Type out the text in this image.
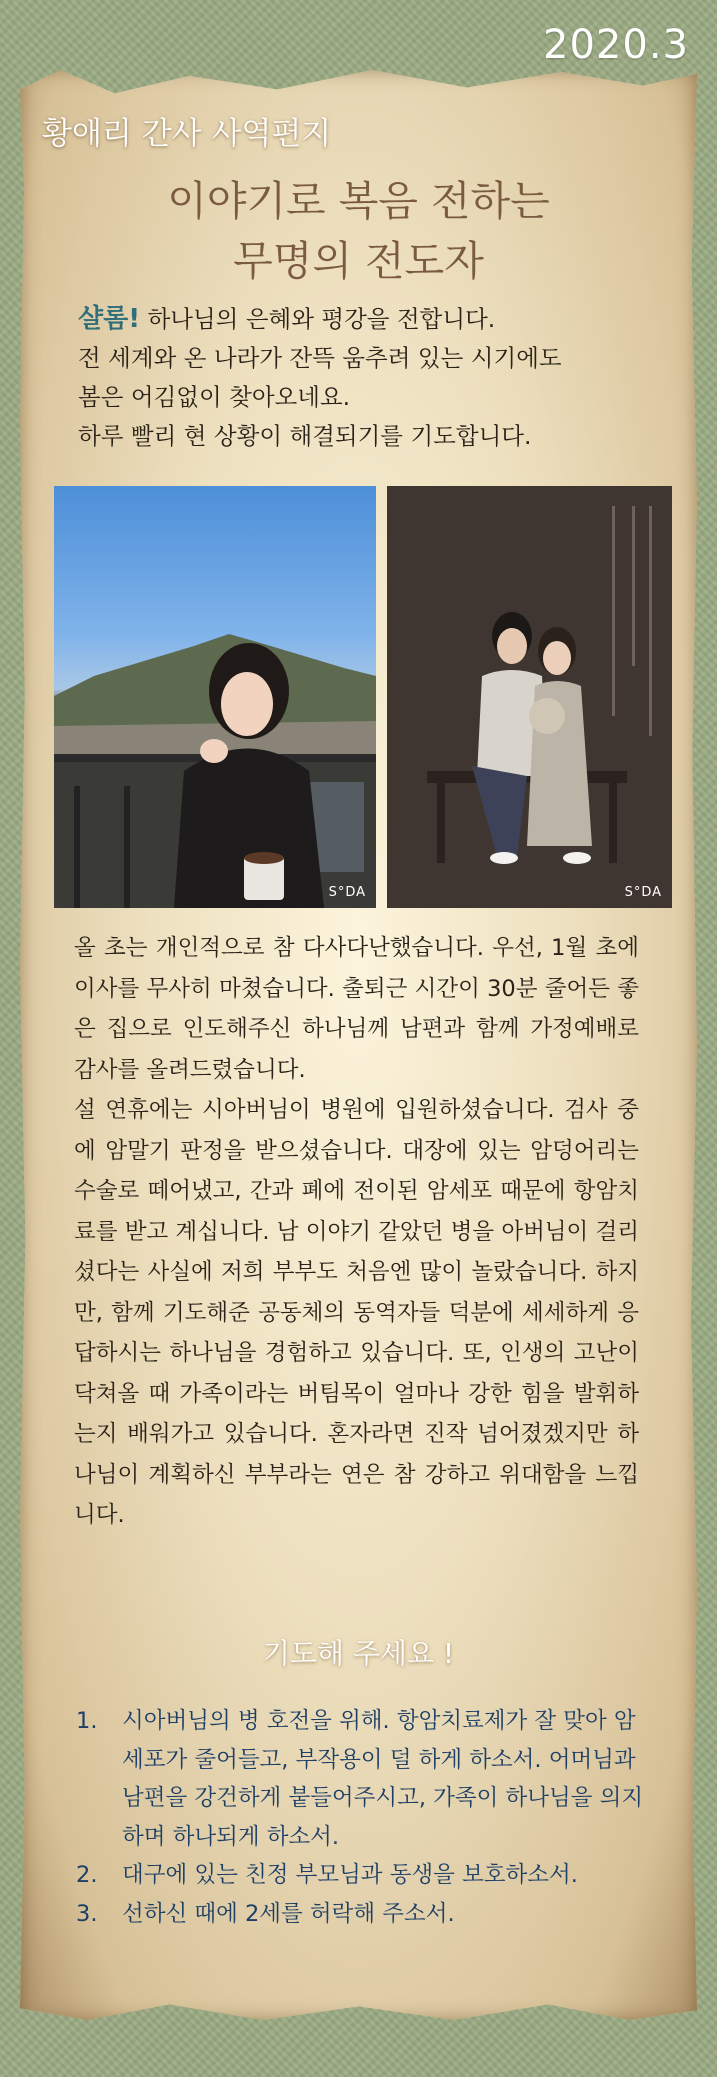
2020.3
황애리 간사 사역편지
이야기로 복음 전하는
무명의 전도자

샬롬! 하나님의 은혜와 평강을 전합니다.

전 세계와 온 나라가 잔뜩 움추려 있는 시기에도

봄은 어김없이 찾아오네요.

하루 빨리 현 상황이 해결되기를 기도합니다.

S°DA	S°DA

올 초는 개인적으로 참 다사다난했습니다. 우선, 1월 초에 이사를 무사히 마쳤습니다. 출퇴근 시간이 30분 줄어든 좋은 집으로 인도해주신 하나님께 남편과 함께 가정예배로 감사를 올려드렸습니다.

설 연휴에는 시아버님이 병원에 입원하셨습니다. 검사 중에 암말기 판정을 받으셨습니다. 대장에 있는 암덩어리는 수술로 떼어냈고, 간과 폐에 전이된 암세포 때문에 항암치료를 받고 계십니다. 남 이야기 같았던 병을 아버님이 걸리셨다는 사실에 저희 부부도 처음엔 많이 놀랐습니다. 하지만, 함께 기도해준 공동체의 동역자들 덕분에 세세하게 응답하시는 하나님을 경험하고 있습니다. 또, 인생의 고난이 닥쳐올 때 가족이라는 버팀목이 얼마나 강한 힘을 발휘하는지 배워가고 있습니다. 혼자라면 진작 넘어졌겠지만 하나님이 계획하신 부부라는 연은 참 강하고 위대함을 느낍니다.

기도해 주세요 !
1. 시아버님의 병 호전을 위해. 항암치료제가 잘 맞아 암세포가 줄어들고, 부작용이 덜 하게 하소서. 어머님과 남편을 강건하게 붙들어주시고, 가족이 하나님을 의지하며 하나되게 하소서.
2. 대구에 있는 친정 부모님과 동생을 보호하소서.
3. 선하신 때에 2세를 허락해 주소서.
